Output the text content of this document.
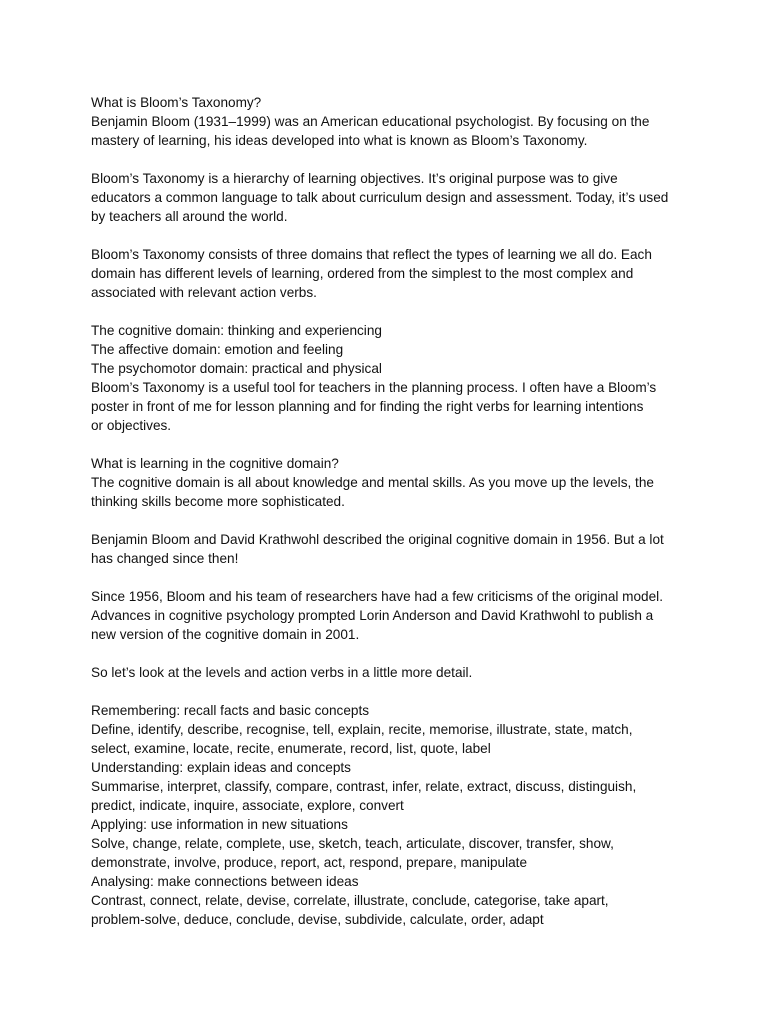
What is Bloom’s Taxonomy?
Benjamin Bloom (1931–1999) was an American educational psychologist. By focusing on the
mastery of learning, his ideas developed into what is known as Bloom’s Taxonomy.
Bloom’s Taxonomy is a hierarchy of learning objectives. It’s original purpose was to give
educators a common language to talk about curriculum design and assessment. Today, it’s used
by teachers all around the world.
Bloom’s Taxonomy consists of three domains that reflect the types of learning we all do. Each
domain has different levels of learning, ordered from the simplest to the most complex and
associated with relevant action verbs.
The cognitive domain: thinking and experiencing
The affective domain: emotion and feeling
The psychomotor domain: practical and physical
Bloom’s Taxonomy is a useful tool for teachers in the planning process. I often have a Bloom’s
poster in front of me for lesson planning and for finding the right verbs for learning intentions
or objectives.
What is learning in the cognitive domain?
The cognitive domain is all about knowledge and mental skills. As you move up the levels, the
thinking skills become more sophisticated.
Benjamin Bloom and David Krathwohl described the original cognitive domain in 1956. But a lot
has changed since then!
Since 1956, Bloom and his team of researchers have had a few criticisms of the original model.
Advances in cognitive psychology prompted Lorin Anderson and David Krathwohl to publish a
new version of the cognitive domain in 2001.
So let’s look at the levels and action verbs in a little more detail.
Remembering: recall facts and basic concepts
Define, identify, describe, recognise, tell, explain, recite, memorise, illustrate, state, match,
select, examine, locate, recite, enumerate, record, list, quote, label
Understanding: explain ideas and concepts
Summarise, interpret, classify, compare, contrast, infer, relate, extract, discuss, distinguish,
predict, indicate, inquire, associate, explore, convert
Applying: use information in new situations
Solve, change, relate, complete, use, sketch, teach, articulate, discover, transfer, show,
demonstrate, involve, produce, report, act, respond, prepare, manipulate
Analysing: make connections between ideas
Contrast, connect, relate, devise, correlate, illustrate, conclude, categorise, take apart,
problem-solve, deduce, conclude, devise, subdivide, calculate, order, adapt
